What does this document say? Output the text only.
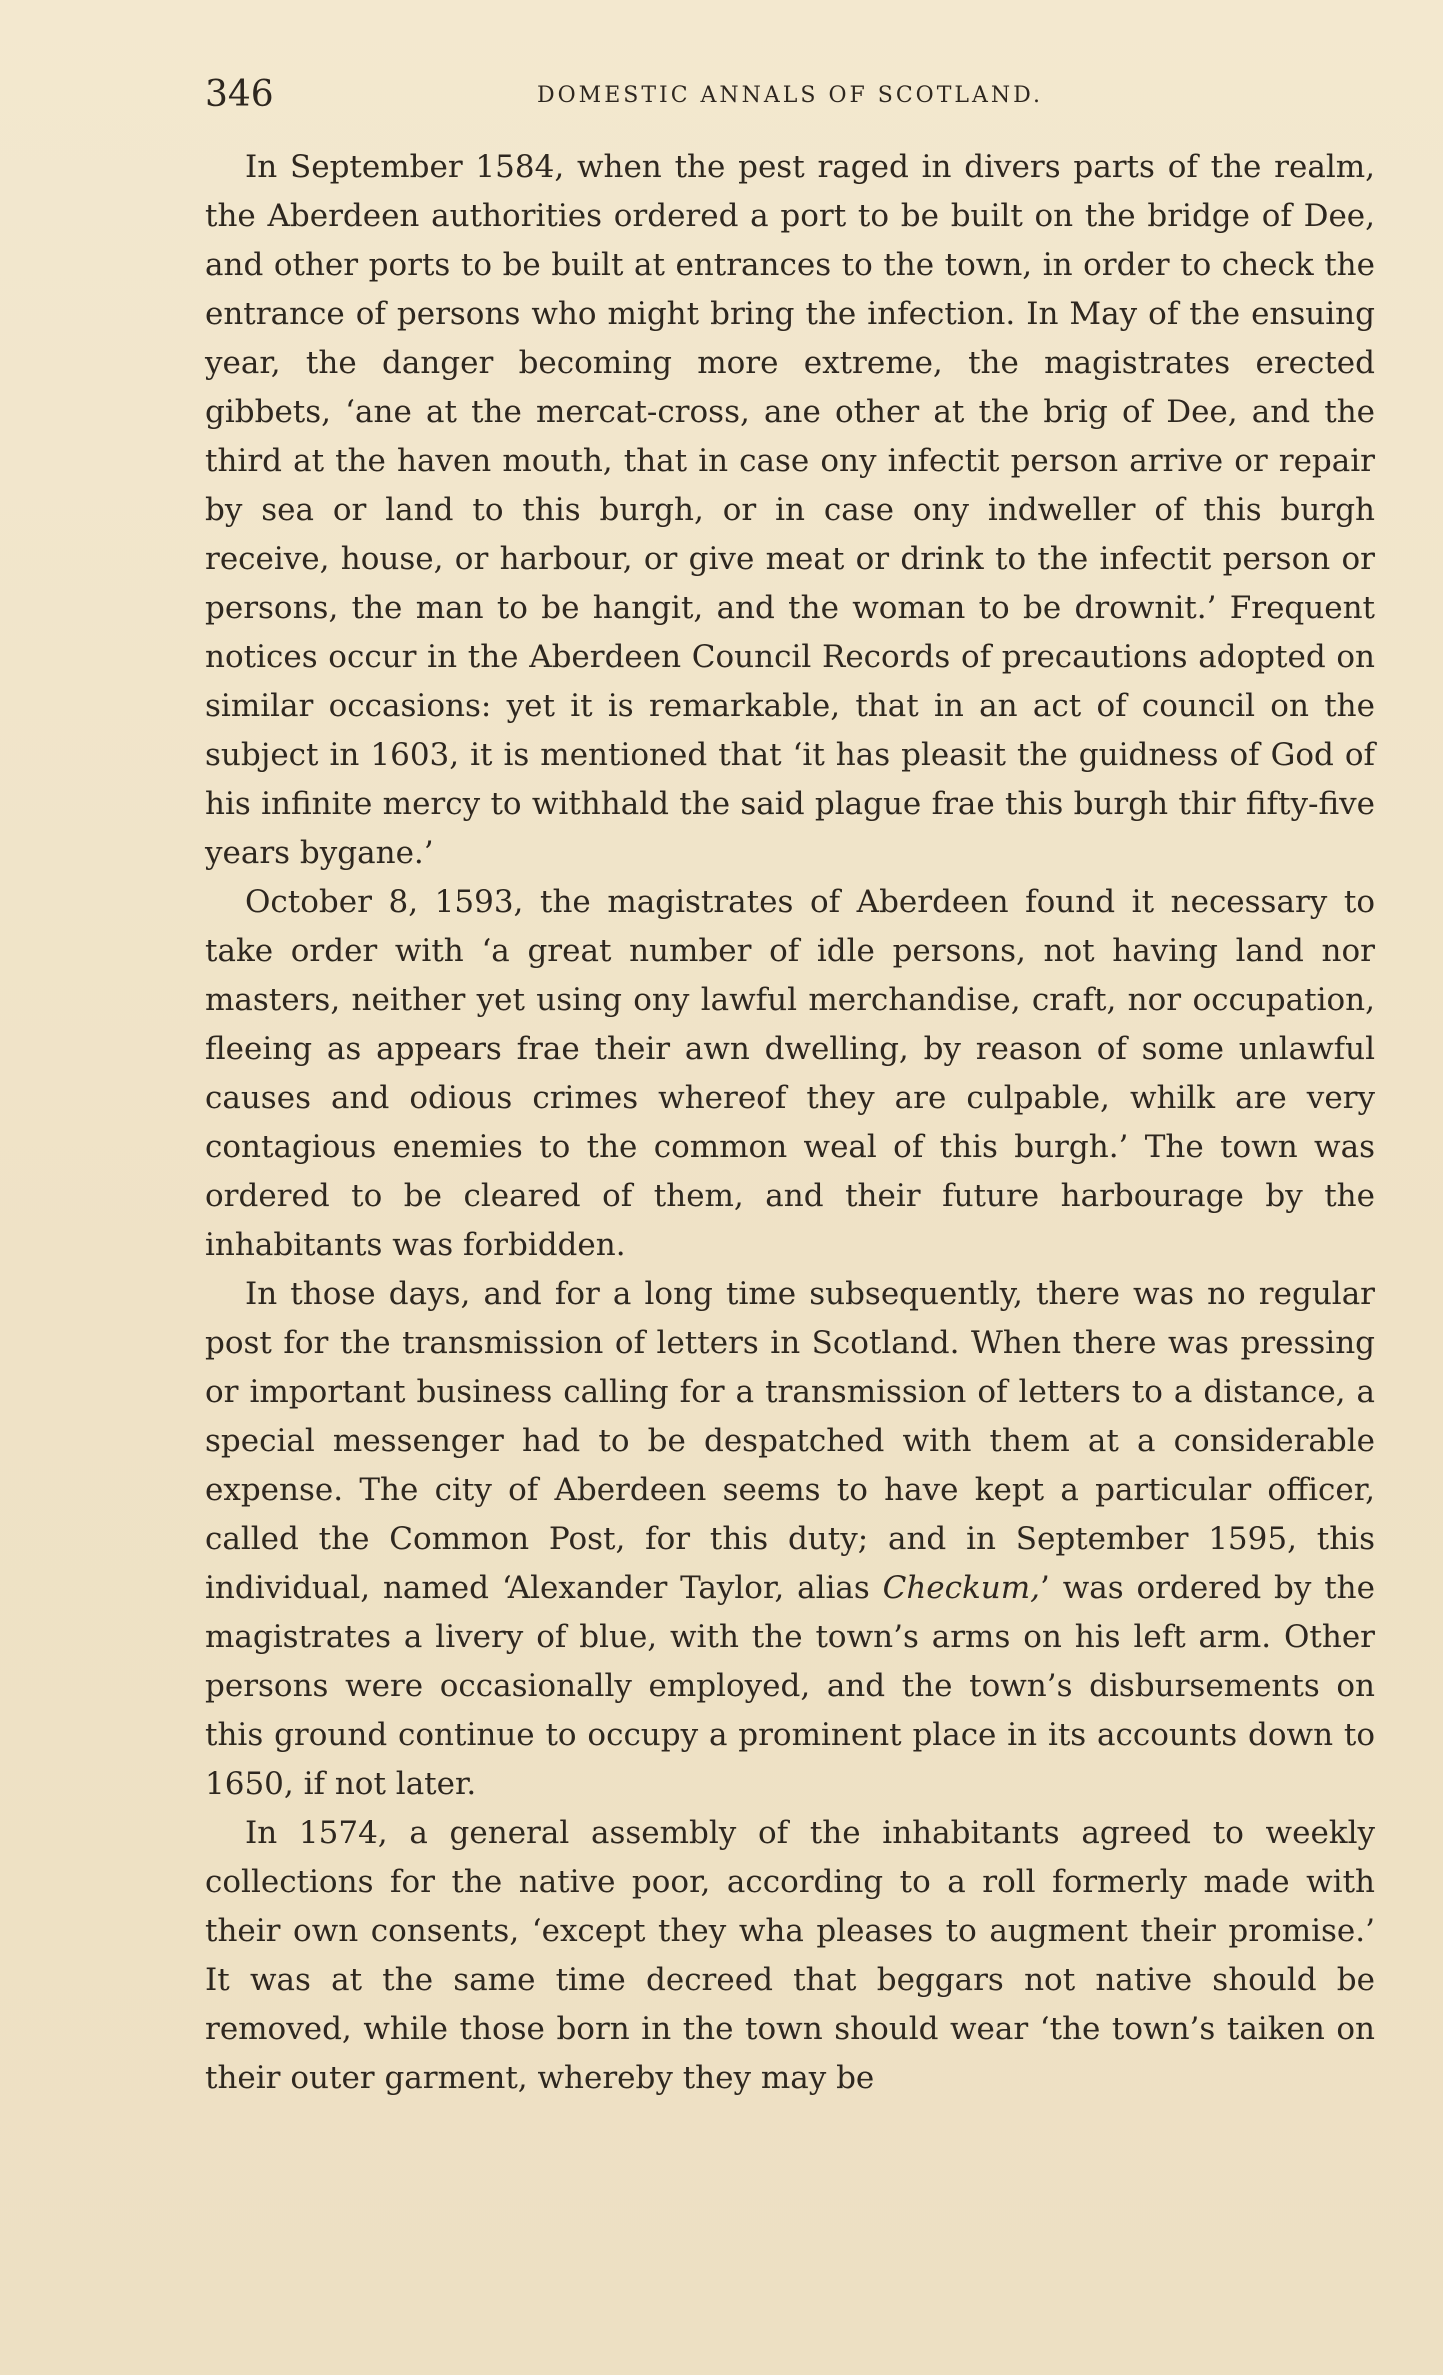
346	DOMESTIC ANNALS OF SCOTLAND.

In September 1584, when the pest raged in divers parts of the realm, the Aberdeen authorities ordered a port to be built on the bridge of Dee, and other ports to be built at entrances to the town, in order to check the entrance of persons who might bring the infection. In May of the ensuing year, the danger becoming more extreme, the magistrates erected gibbets, ‘ane at the mercat-cross, ane other at the brig of Dee, and the third at the haven mouth, that in case ony infectit person arrive or repair by sea or land to this burgh, or in case ony indweller of this burgh receive, house, or harbour, or give meat or drink to the infectit person or persons, the man to be hangit, and the woman to be drownit.’ Frequent notices occur in the Aberdeen Council Records of precautions adopted on similar occasions: yet it is remarkable, that in an act of council on the subject in 1603, it is mentioned that ‘it has pleasit the guidness of God of his infinite mercy to withhald the said plague frae this burgh thir fifty-five years bygane.’

October 8, 1593, the magistrates of Aberdeen found it necessary to take order with ‘a great number of idle persons, not having land nor masters, neither yet using ony lawful merchandise, craft, nor occupation, fleeing as appears frae their awn dwelling, by reason of some unlawful causes and odious crimes whereof they are culpable, whilk are very contagious enemies to the common weal of this burgh.’ The town was ordered to be cleared of them, and their future harbourage by the inhabitants was forbidden.

In those days, and for a long time subsequently, there was no regular post for the transmission of letters in Scotland. When there was pressing or important business calling for a transmission of letters to a distance, a special messenger had to be despatched with them at a considerable expense. The city of Aberdeen seems to have kept a particular officer, called the Common Post, for this duty; and in September 1595, this individual, named ‘Alexander Taylor, alias Checkum,’ was ordered by the magistrates a livery of blue, with the town’s arms on his left arm. Other persons were occasionally employed, and the town’s disbursements on this ground continue to occupy a prominent place in its accounts down to 1650, if not later.

In 1574, a general assembly of the inhabitants agreed to weekly collections for the native poor, according to a roll formerly made with their own consents, ‘except they wha pleases to augment their promise.’ It was at the same time decreed that beggars not native should be removed, while those born in the town should wear ‘the town’s taiken on their outer garment, whereby they may be
